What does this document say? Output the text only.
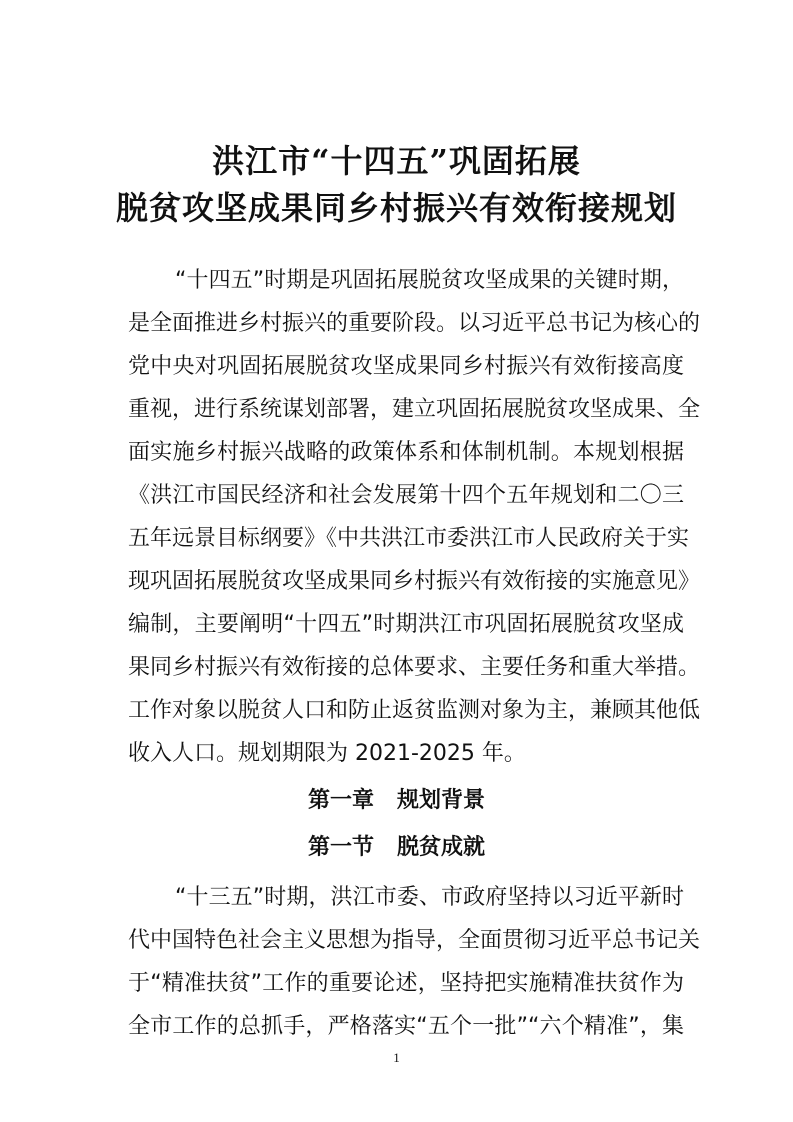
洪江市“十四五”巩固拓展
脱贫攻坚成果同乡村振兴有效衔接规划
“十四五”时期是巩固拓展脱贫攻坚成果的关键时期，
是全面推进乡村振兴的重要阶段。以习近平总书记为核心的
党中央对巩固拓展脱贫攻坚成果同乡村振兴有效衔接高度
重视，进行系统谋划部署，建立巩固拓展脱贫攻坚成果、全
面实施乡村振兴战略的政策体系和体制机制。本规划根据
《洪江市国民经济和社会发展第十四个五年规划和二〇三
五年远景目标纲要》《中共洪江市委洪江市人民政府关于实
现巩固拓展脱贫攻坚成果同乡村振兴有效衔接的实施意见》
编制，主要阐明“十四五”时期洪江市巩固拓展脱贫攻坚成
果同乡村振兴有效衔接的总体要求、主要任务和重大举措。
工作对象以脱贫人口和防止返贫监测对象为主，兼顾其他低
收入人口。规划期限为 2021-2025 年。
第一章   规划背景
第一节   脱贫成就
“十三五”时期，洪江市委、市政府坚持以习近平新时
代中国特色社会主义思想为指导，全面贯彻习近平总书记关
于“精准扶贫”工作的重要论述，坚持把实施精准扶贫作为
全市工作的总抓手，严格落实“五个一批”“六个精准”，集
1
